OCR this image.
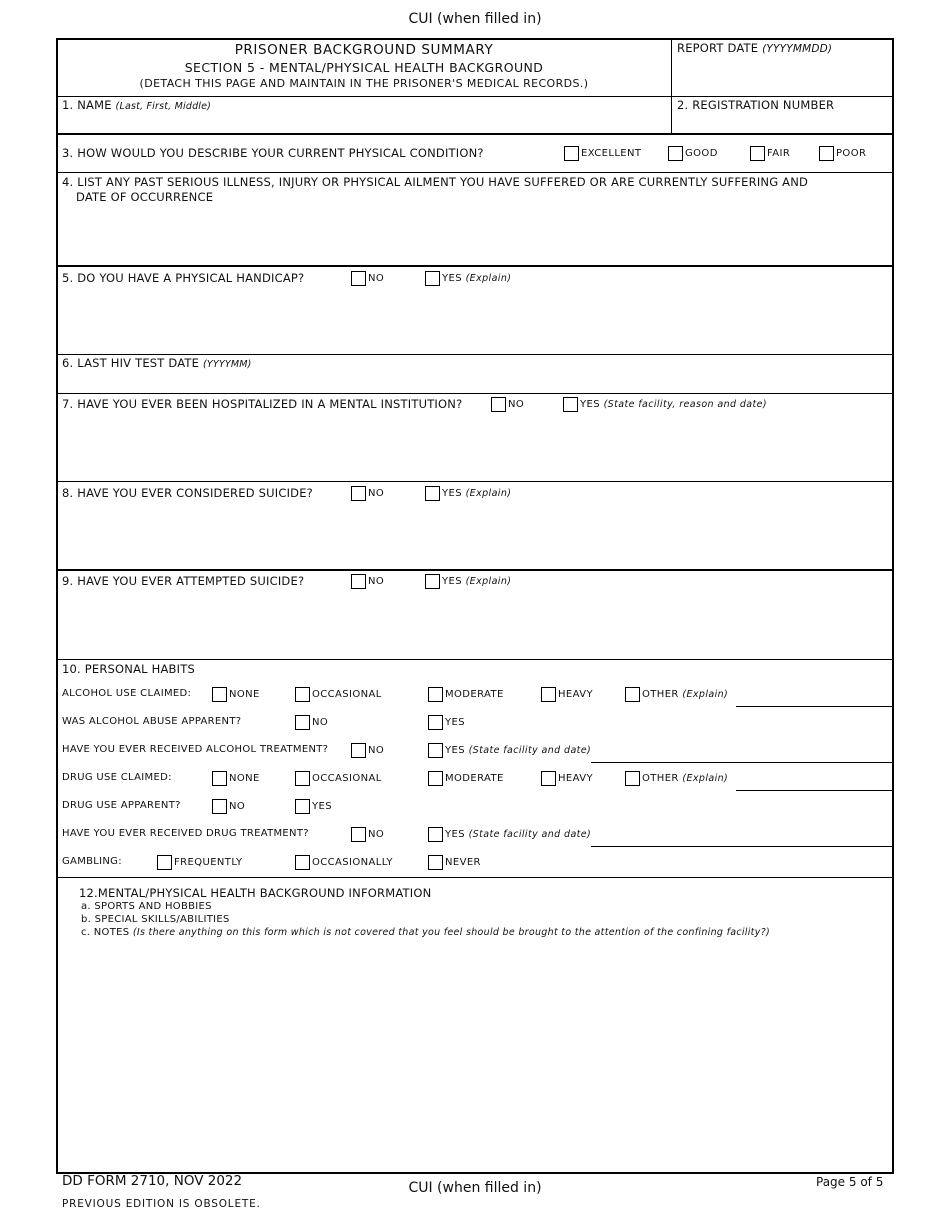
CUI (when filled in)
PRISONER BACKGROUND SUMMARY
SECTION 5 - MENTAL/PHYSICAL HEALTH BACKGROUND
(DETACH THIS PAGE AND MAINTAIN IN THE PRISONER'S MEDICAL RECORDS.)
REPORT DATE (YYYYMMDD)
1. NAME (Last, First, Middle)	2. REGISTRATION NUMBER
3. HOW WOULD YOU DESCRIBE YOUR CURRENT PHYSICAL CONDITION?	EXCELLENT	GOOD	FAIR	POOR
4. LIST ANY PAST SERIOUS ILLNESS, INJURY OR PHYSICAL AILMENT YOU HAVE SUFFERED OR ARE CURRENTLY SUFFERING AND
DATE OF OCCURRENCE
5. DO YOU HAVE A PHYSICAL HANDICAP?	NO	YES (Explain)
6. LAST HIV TEST DATE (YYYYMM)
7. HAVE YOU EVER BEEN HOSPITALIZED IN A MENTAL INSTITUTION?	NO	YES (State facility, reason and date)
8. HAVE YOU EVER CONSIDERED SUICIDE?	NO	YES (Explain)
9. HAVE YOU EVER ATTEMPTED SUICIDE?	NO	YES (Explain)
10. PERSONAL HABITS
ALCOHOL USE CLAIMED:	NONE	OCCASIONAL	MODERATE	HEAVY	OTHER (Explain)
WAS ALCOHOL ABUSE APPARENT?	NO	YES
HAVE YOU EVER RECEIVED ALCOHOL TREATMENT?	NO	YES (State facility and date)
DRUG USE CLAIMED:	NONE	OCCASIONAL	MODERATE	HEAVY	OTHER (Explain)
DRUG USE APPARENT?	NO	YES
HAVE YOU EVER RECEIVED DRUG TREATMENT?	NO	YES (State facility and date)
GAMBLING:	FREQUENTLY	OCCASIONALLY	NEVER
12.MENTAL/PHYSICAL HEALTH BACKGROUND INFORMATION
a. SPORTS AND HOBBIES
b. SPECIAL SKILLS/ABILITIES
c. NOTES (Is there anything on this form which is not covered that you feel should be brought to the attention of the confining facility?)
DD FORM 2710, NOV 2022
PREVIOUS EDITION IS OBSOLETE.
Page 5 of 5
CUI (when filled in)
